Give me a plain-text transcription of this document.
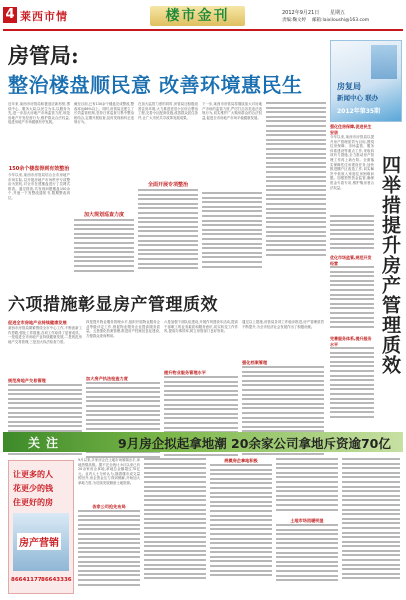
4 莱西市情	楼市金刊	2012年9月21日 星期五
责编:鞠文婷 邮箱:laixiloushi@163.com
房管局:
整治楼盘顺民意 改善环境惠民生
近年来,莱西市房管局积极适应新形势,围绕中心、服务大局,以民生为本,以服务为先,进一步加大房地产市场监管力度,规范房地产开发经营行为,维护群众合法权益,促进房地产市场健康有序发展。
150余个楼盘得到有效整治
今年以来,莱西市房管局结合全市房地产市场实际,以开展房地产市场秩序专项整治为契机,对全市在建楼盘进行了拉网式排查。通过排查,共发现问题楼盘150余个,并逐一下发整改通知书,限期整改到位。
截至目前,已有130余个楼盘完成整改,整改率达86%以上。同时,房管局还建立了长效监管机制,坚持日常巡查与集中整治相结合,定期开展检查,及时发现和纠正违规行为。
加大规划巡查力度
在加大监管力度的同时,房管局还积极改善住房环境,大力推进老旧小区综合整治工程,完善小区配套设施,改善群众居住条件,让广大市民共享改革发展成果。
全面开展专项整治
下一步,莱西市房管局将继续加大对房地产市场的监管力度,严厉打击各类违法违规行为,切实维护广大购房群众的合法权益,促进全市房地产市场平稳健康发展。
房复局
新闻中心 联办
2012年第35期
强化住房保障,促进民生安居
今年以来,莱西市房管局以提升房产管理质效为目标,围绕住房保障、市场监管、服务体系建设等重点工作,采取四项有力措施,全力推动房产管理工作再上新台阶。全面落实保障性住房建设任务,加快推进棚户区改造工作,切实解决中低收入家庭住房困难问题。加强预售资金监管,确保资金专款专用,维护购房者合法权益。
优化市场监管,规范开发经营
完善服务体系,提升服务水平	四举措提升房产管理质效
六项措施彰显房产管理质效
促进全市房地产业持续健康发展
莱西市房管局紧紧围绕全市中心工作,不断创新工作思路,强化工作措施,各项工作取得了显著成效。一是促进全市房地产业持续健康发展,二是规范房地产交易管理,三是加大执法检查力度。
规范房地产交易管理
四是提升物业服务管理水平,组织开展物业服务企业等级评定工作,督促物业服务企业提高服务质量。五是强化档案管理,推进房产档案信息化建设,方便群众查询利用。
加大房产执法检查力度
六是加强干部队伍建设,开展作风建设年活动,提高干部职工的业务素质和服务意识,切实转变工作作风,提高办事效率,树立房管部门良好形象。
提升物业服务管理水平
通过以上措施,房管局各项工作稳步推进,房产管理质效不断提升,为全市经济社会发展作出了积极贡献。
强化档案管理
关注	9月房企拟起拿地潮 20余家公司拿地斥资逾70亿
让更多的人
花更少的钱
住更好的房
房产营销
86641177 86643336
9月以来,多家房企在土地市场频频出手,拿地热情高涨。据不完全统计,9月以来已有20余家房企拿地,拿地总金额超过70亿元。业内人士分析认为,随着楼市成交量的回升,房企资金压力得到缓解,开始加大拿地力度,为后续发展储备土地资源。
各家公司抢先布局
规模房企拿地积极
土地市场回暖明显
